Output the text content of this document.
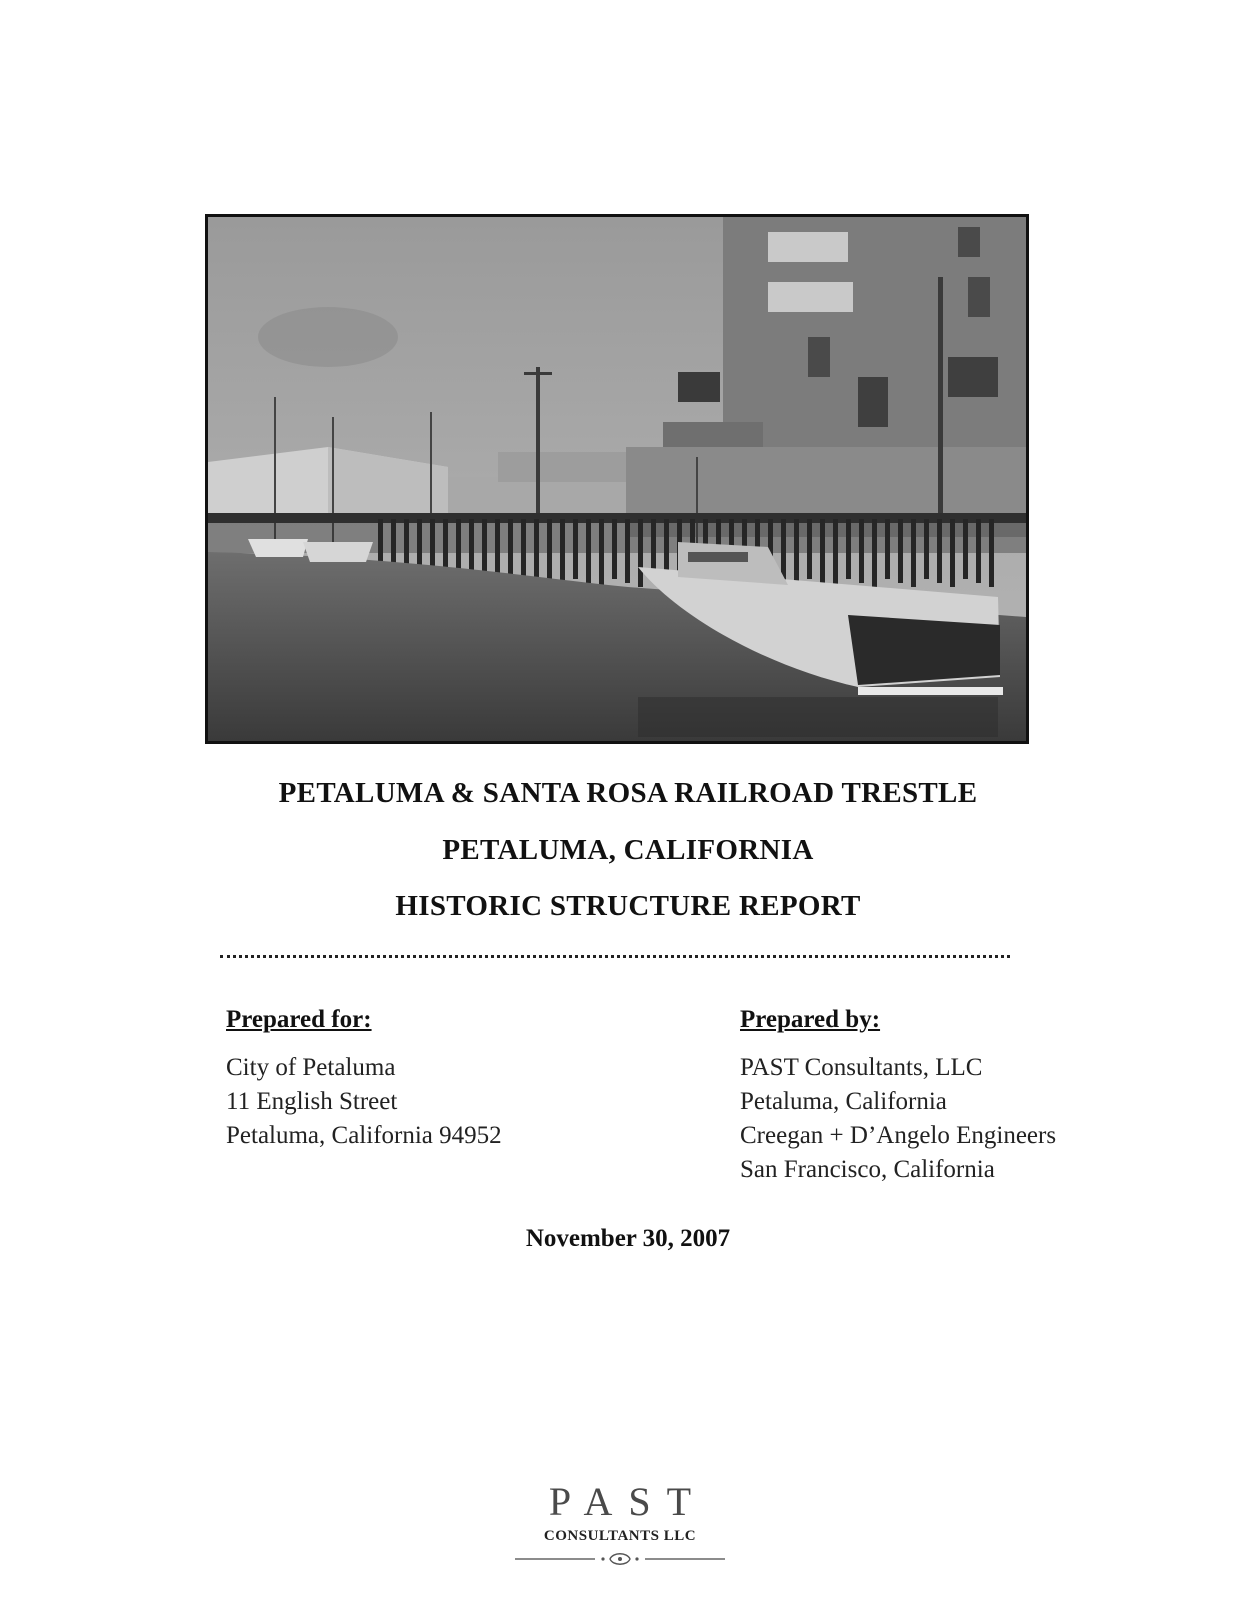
PETALUMA & SANTA ROSA RAILROAD TRESTLE
PETALUMA, CALIFORNIA
HISTORIC STRUCTURE REPORT
Prepared for:
City of Petaluma
11 English Street
Petaluma, California 94952
Prepared by:
PAST Consultants, LLC
Petaluma, California
Creegan + D’Angelo Engineers
San Francisco, California
November 30, 2007
PAST
CONSULTANTS LLC
